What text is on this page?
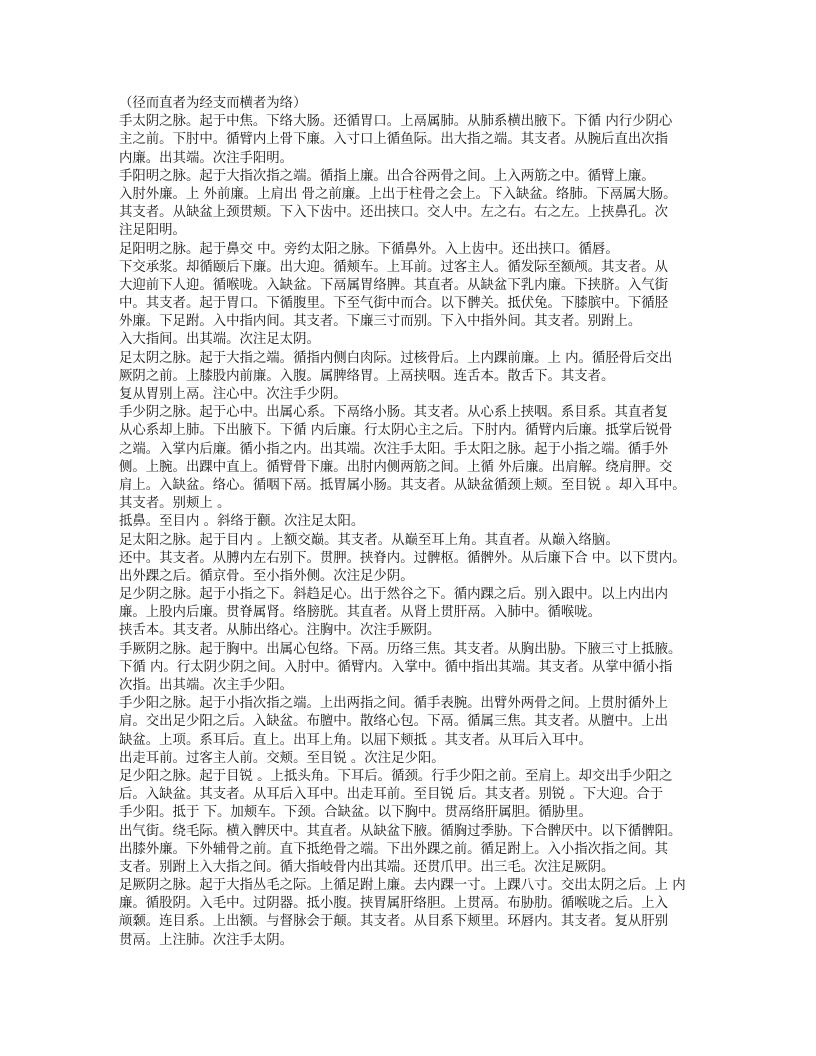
（径而直者为经支而横者为络）
手太阴之脉。起于中焦。下络大肠。还循胃口。上鬲属肺。从肺系横出腋下。下循 内行少阴心
主之前。下肘中。循臂内上骨下廉。入寸口上循鱼际。出大指之端。其支者。从腕后直出次指
内廉。出其端。次注手阳明。
手阳明之脉。起于大指次指之端。循指上廉。出合谷两骨之间。上入两筋之中。循臂上廉。
入肘外廉。上 外前廉。上肩出 骨之前廉。上出于柱骨之会上。下入缺盆。络肺。下鬲属大肠。
其支者。从缺盆上颈贯颊。下入下齿中。还出挟口。交人中。左之右。右之左。上挟鼻孔。次
注足阳明。
足阳明之脉。起于鼻交 中。旁约太阳之脉。下循鼻外。入上齿中。还出挟口。循唇。
下交承浆。却循颐后下廉。出大迎。循颊车。上耳前。过客主人。循发际至额颅。其支者。从
大迎前下人迎。循喉咙。入缺盆。下鬲属胃络脾。其直者。从缺盆下乳内廉。下挟脐。入气街
中。其支者。起于胃口。下循腹里。下至气街中而合。以下髀关。抵伏兔。下膝膑中。下循胫
外廉。下足跗。入中指内间。其支者。下廉三寸而别。下入中指外间。其支者。别跗上。
入大指间。出其端。次注足太阴。
足太阴之脉。起于大指之端。循指内侧白肉际。过核骨后。上内踝前廉。上 内。循胫骨后交出
厥阴之前。上膝股内前廉。入腹。属脾络胃。上鬲挟咽。连舌本。散舌下。其支者。
复从胃别上鬲。注心中。次注手少阴。
手少阴之脉。起于心中。出属心系。下鬲络小肠。其支者。从心系上挟咽。系目系。其直者复
从心系却上肺。下出腋下。下循 内后廉。行太阴心主之后。下肘内。循臂内后廉。抵掌后锐骨
之端。入掌内后廉。循小指之内。出其端。次注手太阳。手太阳之脉。起于小指之端。循手外
侧。上腕。出踝中直上。循臂骨下廉。出肘内侧两筋之间。上循 外后廉。出肩解。绕肩胛。交
肩上。入缺盆。络心。循咽下鬲。抵胃属小肠。其支者。从缺盆循颈上颊。至目锐 。却入耳中。
其支者。别颊上 。
抵鼻。至目内 。斜络于颧。次注足太阳。
足太阳之脉。起于目内 。上额交巅。其支者。从巅至耳上角。其直者。从巅入络脑。
还中。其支者。从膊内左右别下。贯胛。挟脊内。过髀枢。循髀外。从后廉下合 中。以下贯内。
出外踝之后。循京骨。至小指外侧。次注足少阴。
足少阴之脉。起于小指之下。斜趋足心。出于然谷之下。循内踝之后。别入跟中。以上内出内
廉。上股内后廉。贯脊属肾。络膀胱。其直者。从肾上贯肝鬲。入肺中。循喉咙。
挟舌本。其支者。从肺出络心。注胸中。次注手厥阴。
手厥阴之脉。起于胸中。出属心包络。下鬲。历络三焦。其支者。从胸出胁。下腋三寸上抵腋。
下循 内。行太阴少阴之间。入肘中。循臂内。入掌中。循中指出其端。其支者。从掌中循小指
次指。出其端。次主手少阳。
手少阳之脉。起于小指次指之端。上出两指之间。循手表腕。出臂外两骨之间。上贯肘循外上
肩。交出足少阳之后。入缺盆。布膻中。散络心包。下鬲。循属三焦。其支者。从膻中。上出
缺盆。上项。系耳后。直上。出耳上角。以屈下颊抵 。其支者。从耳后入耳中。
出走耳前。过客主人前。交颊。至目锐 。次注足少阳。
足少阳之脉。起于目锐 。上抵头角。下耳后。循颈。行手少阳之前。至肩上。却交出手少阳之
后。入缺盆。其支者。从耳后入耳中。出走耳前。至目锐 后。其支者。别锐 。下大迎。合于
手少阳。抵于 下。加颊车。下颈。合缺盆。以下胸中。贯鬲络肝属胆。循胁里。
出气街。绕毛际。横入髀厌中。其直者。从缺盆下腋。循胸过季胁。下合髀厌中。以下循髀阳。
出膝外廉。下外辅骨之前。直下抵绝骨之端。下出外踝之前。循足跗上。入小指次指之间。其
支者。别跗上入大指之间。循大指岐骨内出其端。还贯爪甲。出三毛。次注足厥阴。
足厥阴之脉。起于大指丛毛之际。上循足跗上廉。去内踝一寸。上踝八寸。交出太阴之后。上 内
廉。循股阴。入毛中。过阴器。抵小腹。挟胃属肝络胆。上贯鬲。布胁肋。循喉咙之后。上入
颃颡。连目系。上出额。与督脉会于颠。其支者。从目系下颊里。环唇内。其支者。复从肝别
贯鬲。上注肺。次注手太阴。
